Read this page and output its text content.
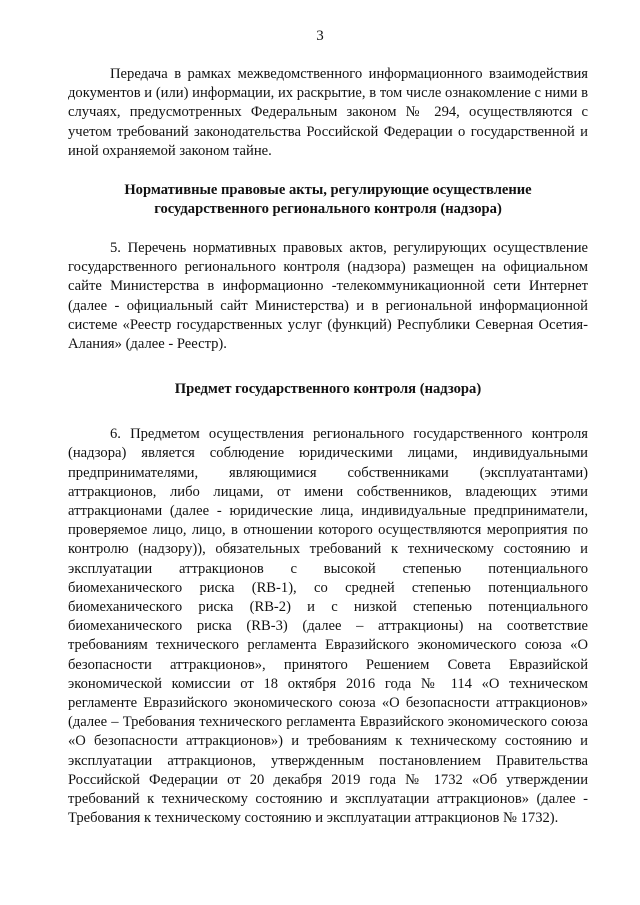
3

Передача в рамках межведомственного информационного взаимодействия документов и (или) информации, их раскрытие, в том числе ознакомление с ними в случаях, предусмотренных Федеральным законом № 294, осуществляются с учетом требований законодательства Российской Федерации о государственной и иной охраняемой законом тайне.

Нормативные правовые акты, регулирующие осуществление
государственного регионального контроля (надзора)

5. Перечень нормативных правовых актов, регулирующих осуществление государственного регионального контроля (надзора) размещен на официальном сайте Министерства в информационно -телекоммуникационной сети Интернет (далее - официальный сайт Министерства) и в региональной информационной системе «Реестр государственных услуг (функций) Республики Северная Осетия-Алания» (далее - Реестр).

Предмет государственного контроля (надзора)

6. Предметом осуществления регионального государственного контроля (надзора) является соблюдение юридическими лицами, индивидуальными предпринимателями, являющимися собственниками (эксплуатантами) аттракционов, либо лицами, от имени собственников, владеющих этими аттракционами (далее - юридические лица, индивидуальные предприниматели, проверяемое лицо, лицо, в отношении которого осуществляются мероприятия по контролю (надзору)), обязательных требований к техническому состоянию и эксплуатации аттракционов с высокой степенью потенциального биомеханического риска (RB-1), со средней степенью потенциального биомеханического риска (RB-2) и с низкой степенью потенциального биомеханического риска (RB-3) (далее – аттракционы) на соответствие требованиям технического регламента Евразийского экономического союза «О безопасности аттракционов», принятого Решением Совета Евразийской экономической комиссии от 18 октября 2016 года № 114 «О техническом регламенте Евразийского экономического союза «О безопасности аттракционов» (далее – Требования технического регламента Евразийского экономического союза «О безопасности аттракционов») и требованиям к техническому состоянию и эксплуатации аттракционов, утвержденным постановлением Правительства Российской Федерации от 20 декабря 2019 года № 1732 «Об утверждении требований к техническому состоянию и эксплуатации аттракционов» (далее - Требования к техническому состоянию и эксплуатации аттракционов № 1732).
